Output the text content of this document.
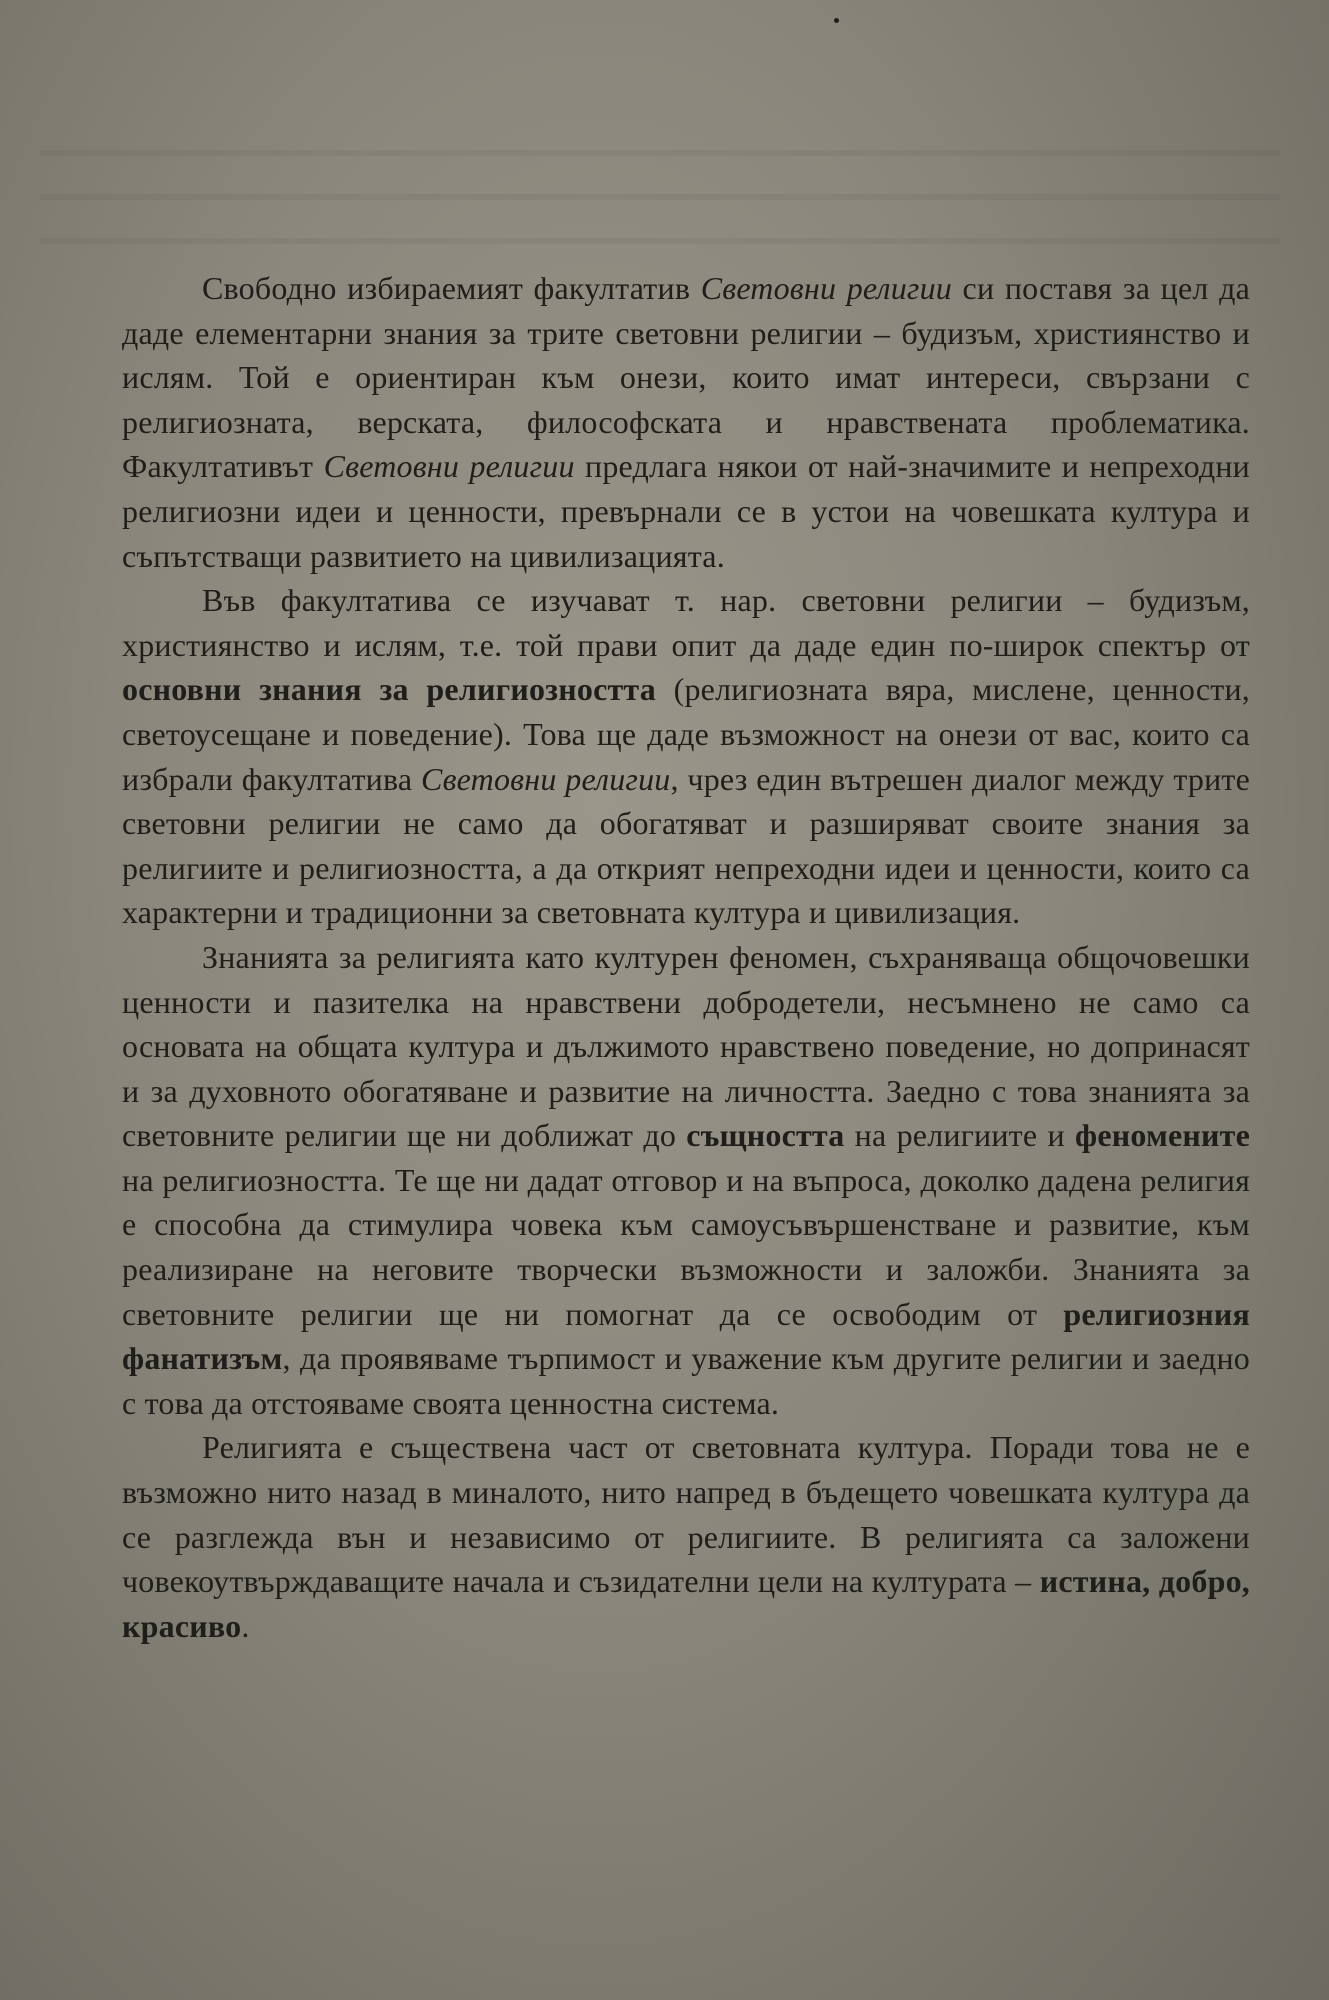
Свободно избираемият факултатив Световни религии си поставя за цел да даде елементарни знания за трите световни религии – будизъм, християнство и ислям. Той е ориентиран към онези, които имат интереси, свързани с религиозната, верската, философската и нравствената проблематика. Факултативът Световни религии предлага някои от най-значимите и непреходни религиозни идеи и ценности, превърнали се в устои на човешката култура и съпътстващи развитието на цивилизацията.

Във факултатива се изучават т. нар. световни религии – будизъм, християнство и ислям, т.е. той прави опит да даде един по-широк спектър от основни знания за религиозността (религиозната вяра, мислене, ценности, светоусещане и поведение). Това ще даде възможност на онези от вас, които са избрали факултатива Световни религии, чрез един вътрешен диалог между трите световни религии не само да обогатяват и разширяват своите знания за религиите и религиозността, а да открият непреходни идеи и ценности, които са характерни и традиционни за световната култура и цивилизация.

Знанията за религията като културен феномен, съхраняваща общочовешки ценности и пазителка на нравствени добродетели, несъмнено не само са основата на общата култура и дължимото нравствено поведение, но допринасят и за духовното обогатяване и развитие на личността. Заедно с това знанията за световните религии ще ни доближат до същността на религиите и феномените на религиозността. Те ще ни дадат отговор и на въпроса, доколко дадена религия е способна да стимулира човека към самоусъвършенстване и развитие, към реализиране на неговите творчески възможности и заложби. Знанията за световните религии ще ни помогнат да се освободим от религиозния фанатизъм, да проявяваме търпимост и уважение към другите религии и заедно с това да отстояваме своята ценностна система.

Религията е съществена част от световната култура. Поради това не е възможно нито назад в миналото, нито напред в бъдещето човешката култура да се разглежда вън и независимо от религиите. В религията са заложени човекоутвърждаващите начала и съзидателни цели на културата – истина, добро, красиво.
